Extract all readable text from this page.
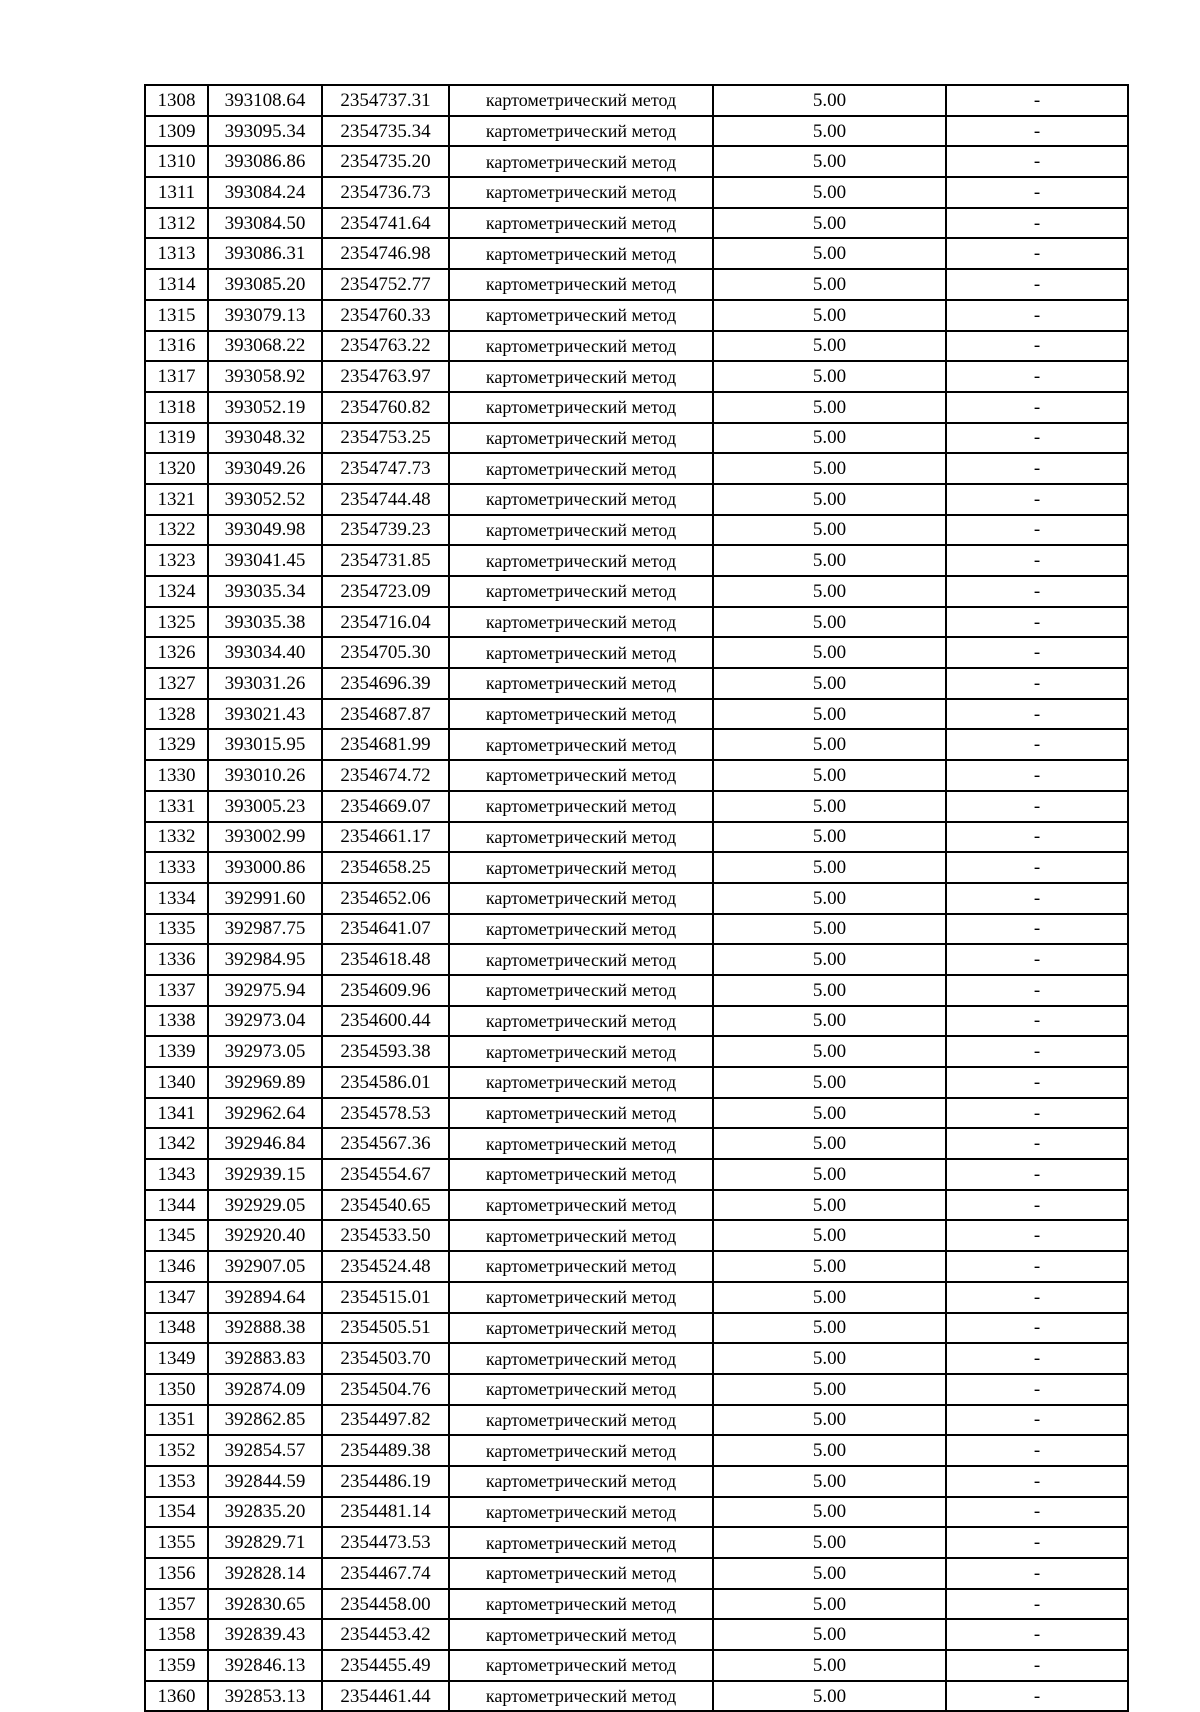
1308	393108.64	2354737.31	картометрический метод	5.00	-
1309	393095.34	2354735.34	картометрический метод	5.00	-
1310	393086.86	2354735.20	картометрический метод	5.00	-
1311	393084.24	2354736.73	картометрический метод	5.00	-
1312	393084.50	2354741.64	картометрический метод	5.00	-
1313	393086.31	2354746.98	картометрический метод	5.00	-
1314	393085.20	2354752.77	картометрический метод	5.00	-
1315	393079.13	2354760.33	картометрический метод	5.00	-
1316	393068.22	2354763.22	картометрический метод	5.00	-
1317	393058.92	2354763.97	картометрический метод	5.00	-
1318	393052.19	2354760.82	картометрический метод	5.00	-
1319	393048.32	2354753.25	картометрический метод	5.00	-
1320	393049.26	2354747.73	картометрический метод	5.00	-
1321	393052.52	2354744.48	картометрический метод	5.00	-
1322	393049.98	2354739.23	картометрический метод	5.00	-
1323	393041.45	2354731.85	картометрический метод	5.00	-
1324	393035.34	2354723.09	картометрический метод	5.00	-
1325	393035.38	2354716.04	картометрический метод	5.00	-
1326	393034.40	2354705.30	картометрический метод	5.00	-
1327	393031.26	2354696.39	картометрический метод	5.00	-
1328	393021.43	2354687.87	картометрический метод	5.00	-
1329	393015.95	2354681.99	картометрический метод	5.00	-
1330	393010.26	2354674.72	картометрический метод	5.00	-
1331	393005.23	2354669.07	картометрический метод	5.00	-
1332	393002.99	2354661.17	картометрический метод	5.00	-
1333	393000.86	2354658.25	картометрический метод	5.00	-
1334	392991.60	2354652.06	картометрический метод	5.00	-
1335	392987.75	2354641.07	картометрический метод	5.00	-
1336	392984.95	2354618.48	картометрический метод	5.00	-
1337	392975.94	2354609.96	картометрический метод	5.00	-
1338	392973.04	2354600.44	картометрический метод	5.00	-
1339	392973.05	2354593.38	картометрический метод	5.00	-
1340	392969.89	2354586.01	картометрический метод	5.00	-
1341	392962.64	2354578.53	картометрический метод	5.00	-
1342	392946.84	2354567.36	картометрический метод	5.00	-
1343	392939.15	2354554.67	картометрический метод	5.00	-
1344	392929.05	2354540.65	картометрический метод	5.00	-
1345	392920.40	2354533.50	картометрический метод	5.00	-
1346	392907.05	2354524.48	картометрический метод	5.00	-
1347	392894.64	2354515.01	картометрический метод	5.00	-
1348	392888.38	2354505.51	картометрический метод	5.00	-
1349	392883.83	2354503.70	картометрический метод	5.00	-
1350	392874.09	2354504.76	картометрический метод	5.00	-
1351	392862.85	2354497.82	картометрический метод	5.00	-
1352	392854.57	2354489.38	картометрический метод	5.00	-
1353	392844.59	2354486.19	картометрический метод	5.00	-
1354	392835.20	2354481.14	картометрический метод	5.00	-
1355	392829.71	2354473.53	картометрический метод	5.00	-
1356	392828.14	2354467.74	картометрический метод	5.00	-
1357	392830.65	2354458.00	картометрический метод	5.00	-
1358	392839.43	2354453.42	картометрический метод	5.00	-
1359	392846.13	2354455.49	картометрический метод	5.00	-
1360	392853.13	2354461.44	картометрический метод	5.00	-
